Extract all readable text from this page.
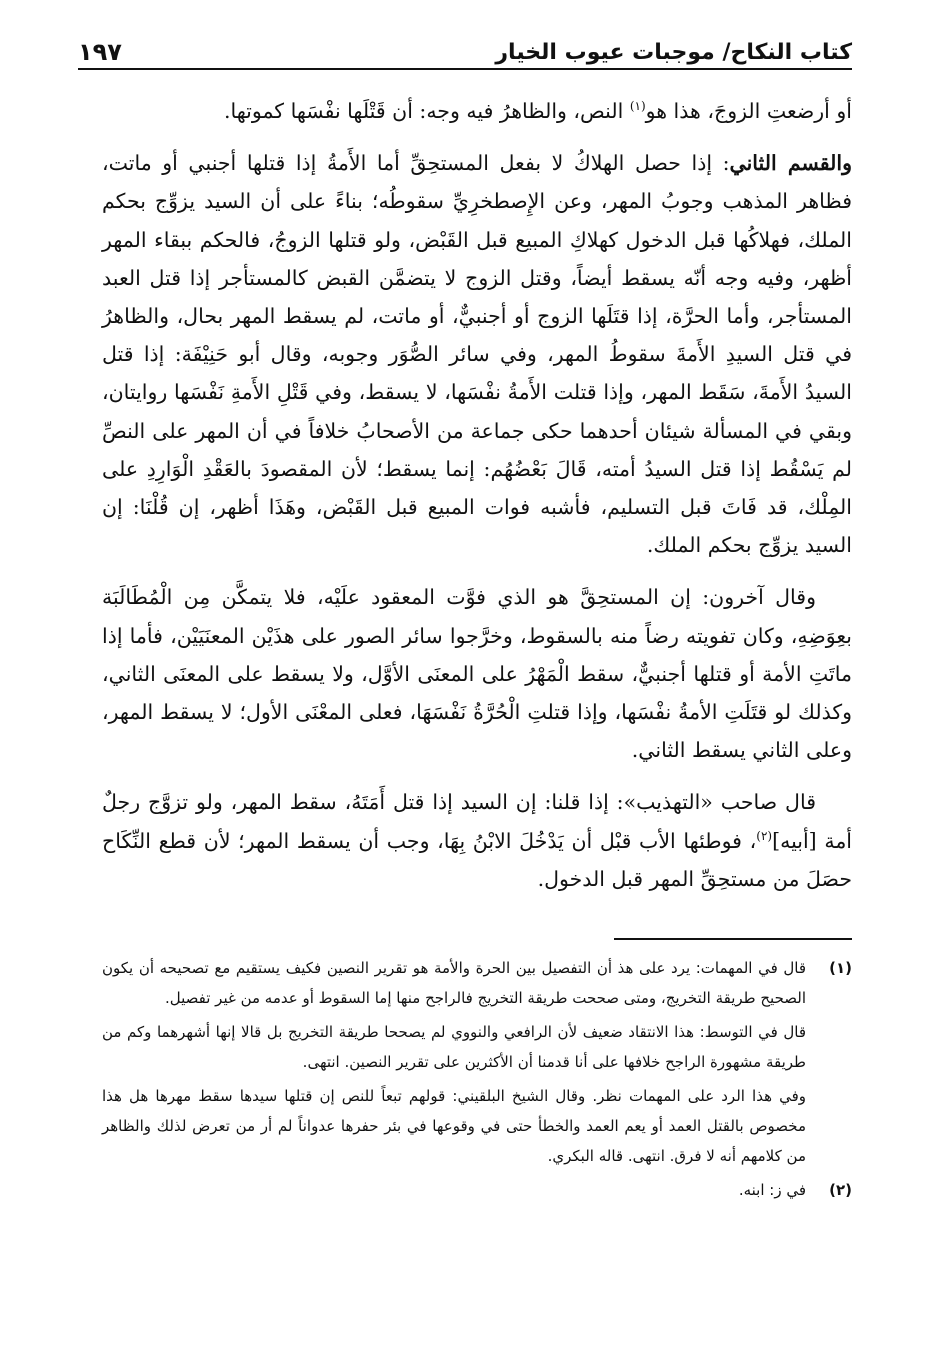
كتاب النكاح/ موجبات عيوب الخيار
١٩٧

أو أرضعتِ الزوجَ، هذا هو$^{(١)}$ النص، والظاهرُ فيه وجه: أن قَتْلَها نفْسَها كموتها.

والقسم الثاني: إذا حصل الهلاكُ لا بفعل المستحِقِّ أما الأَمةُ إذا قتلها أجنبي أو ماتت، فظاهر المذهب وجوبُ المهر، وعن الإِصطخرِيِّ سقوطُه؛ بناءً على أن السيد يزوِّج بحكم الملك، فهلاكُها قبل الدخول كهلاكِ المبيع قبل القَبْض، ولو قتلها الزوجُ، فالحكم ببقاء المهر أظهر، وفيه وجه أنّه يسقط أيضاً، وقتل الزوج لا يتضمَّن القبض كالمستأجر إذا قتل العبد المستأجر، وأما الحرَّة، إذا قتَلَها الزوج أو أجنبيٌّ، أو ماتت، لم يسقط المهر بحال، والظاهرُ في قتل السيدِ الأَمةَ سقوطُ المهر، وفي سائر الصُّوَر وجوبه، وقال أبو حَنِيْفَة: إذا قتل السيدُ الأَمةَ، سَقَط المهر، وإذا قتلت الأَمةُ نفْسَها، لا يسقط، وفي قَتْلِ الأَمةِ نَفْسَها روايتان، وبقي في المسألة شيئان أحدهما حكى جماعة من الأصحابُ خلافاً في أن المهر على النصِّ لم يَسْقُط إذا قتل السيدُ أمته، قَالَ بَعْضُهُم: إنما يسقط؛ لأن المقصودَ بالعَقْدِ الْوَارِدِ على المِلْك، قد فَاتَ قبل التسليم، فأشبه فوات المبيع قبل القَبْض، وهَذَا أظهر، إن قُلْنَا: إن السيد يزوِّج بحكم الملك.

وقال آخرون: إن المستحِقَّ هو الذي فوَّت المعقود علَيْه، فلا يتمكَّن مِن الْمُطَالَبَة بعِوَضِهِ، وكان تفويته رضاً منه بالسقوط، وخرَّجوا سائر الصور على هذَيْن المعنَيَيْن، فأما إذا ماتَتِ الأمة أو قتلها أجنبيٌّ، سقط الْمَهْرُ على المعنَى الأوَّل، ولا يسقط على المعنَى الثاني، وكذلك لو قتَلَتِ الأمةُ نفْسَها، وإذا قتلتِ الْحُرَّةُ نَفْسَهَا، فعلى المعْنَى الأول؛ لا يسقط المهر، وعلى الثاني يسقط الثاني.

قال صاحب «التهذيب»: إذا قلنا: إن السيد إذا قتل أَمَتَهُ، سقط المهر، ولو تزوَّج رجلٌ أمة [أبيه]$^{(٢)}$، فوطئها الأب قبْل أن يَدْخُلَ الابْنُ بِهَا، وجب أن يسقط المهر؛ لأن قطع النِّكَاح حصَلَ من مستحِقِّ المهر قبل الدخول.

(١)

قال في المهمات: يرد على هذ أن التفصيل بين الحرة والأمة هو تقرير النصين فكيف يستقيم مع تصحيحه أن يكون الصحيح طريقة التخريج، ومتى صححت طريقة التخريج فالراجح منها إما السقوط أو عدمه من غير تفصيل.

قال في التوسط: هذا الانتقاد ضعيف لأن الرافعي والنووي لم يصححا طريقة التخريج بل قالا إنها أشهرهما وكم من طريقة مشهورة الراجح خلافها على أنا قدمنا أن الأكثرين على تقرير النصين. انتهى.

وفي هذا الرد على المهمات نظر. وقال الشيخ البلقيني: قولهم تبعاً للنص إن قتلها سيدها سقط مهرها هل هذا مخصوص بالقتل العمد أو يعم العمد والخطأ حتى في وقوعها في بئر حفرها عدواناً لم أر من تعرض لذلك والظاهر من كلامهم أنه لا فرق. انتهى. قاله البكري.

(٢)

في ز: ابنه.
